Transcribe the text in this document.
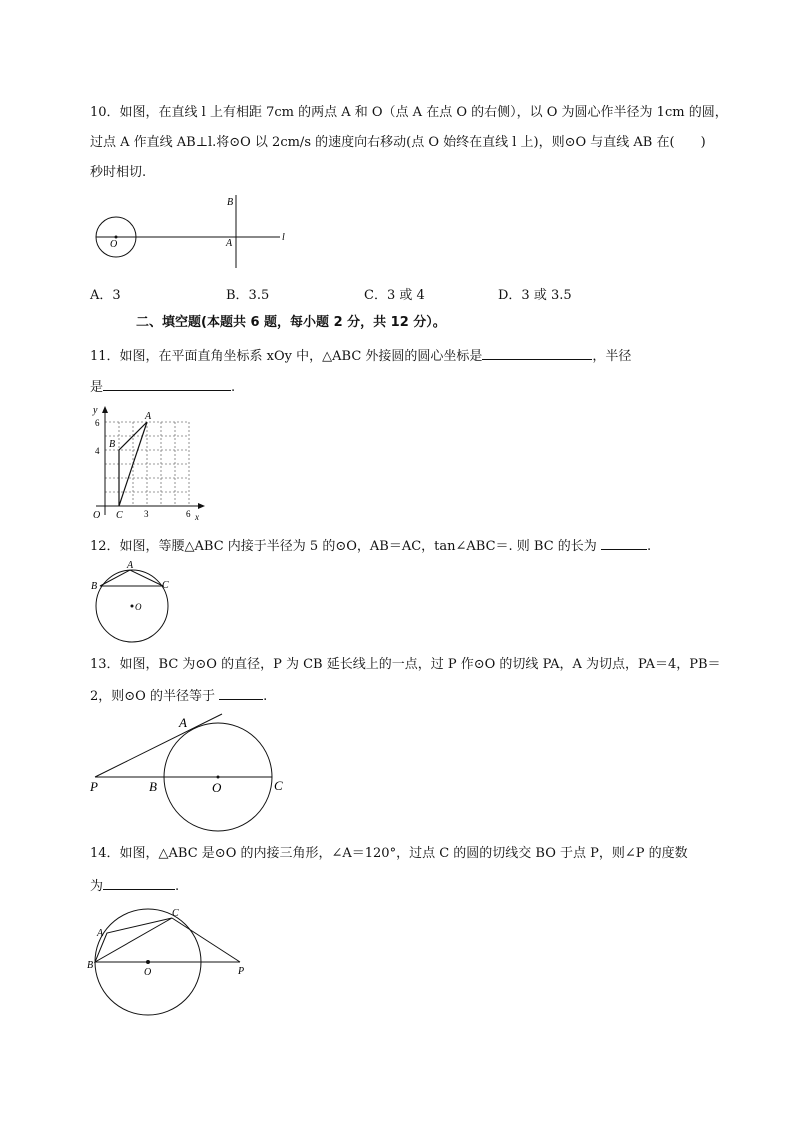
10．如图，在直线 l 上有相距 7cm 的两点 A 和 O（点 A 在点 O 的右侧），以 O 为圆心作半径为 1cm 的圆，
过点 A 作直线 AB⊥l.将⊙O 以 2cm/s 的速度向右移动(点 O 始终在直线 l 上)，则⊙O 与直线 AB 在(　　)
秒时相切.
B
O	A
l
A．3	B．3.5	C．3 或 4	D．3 或 3.5
二、填空题(本题共 6 题，每小题 2 分，共 12 分）。
11．如图，在平面直角坐标系 xOy 中，△ABC 外接圆的圆心坐标是	，半径
是	.
y
x
O C
B
A
3	6
4
6
12．如图，等腰△ABC 内接于半径为 5 的⊙O，AB＝AC，tan∠ABC＝. 则 BC 的长为	.
A
B	C
O
13．如图，BC 为⊙O 的直径，P 为 CB 延长线上的一点，过 P 作⊙O 的切线 PA，A 为切点，PA＝4，PB＝
2，则⊙O 的半径等于	.
A
P	B	O	C
14．如图，△ABC 是⊙O 的内接三角形，∠A＝120°，过点 C 的圆的切线交 BO 于点 P，则∠P 的度数
为	.
A
B
C
O	P
